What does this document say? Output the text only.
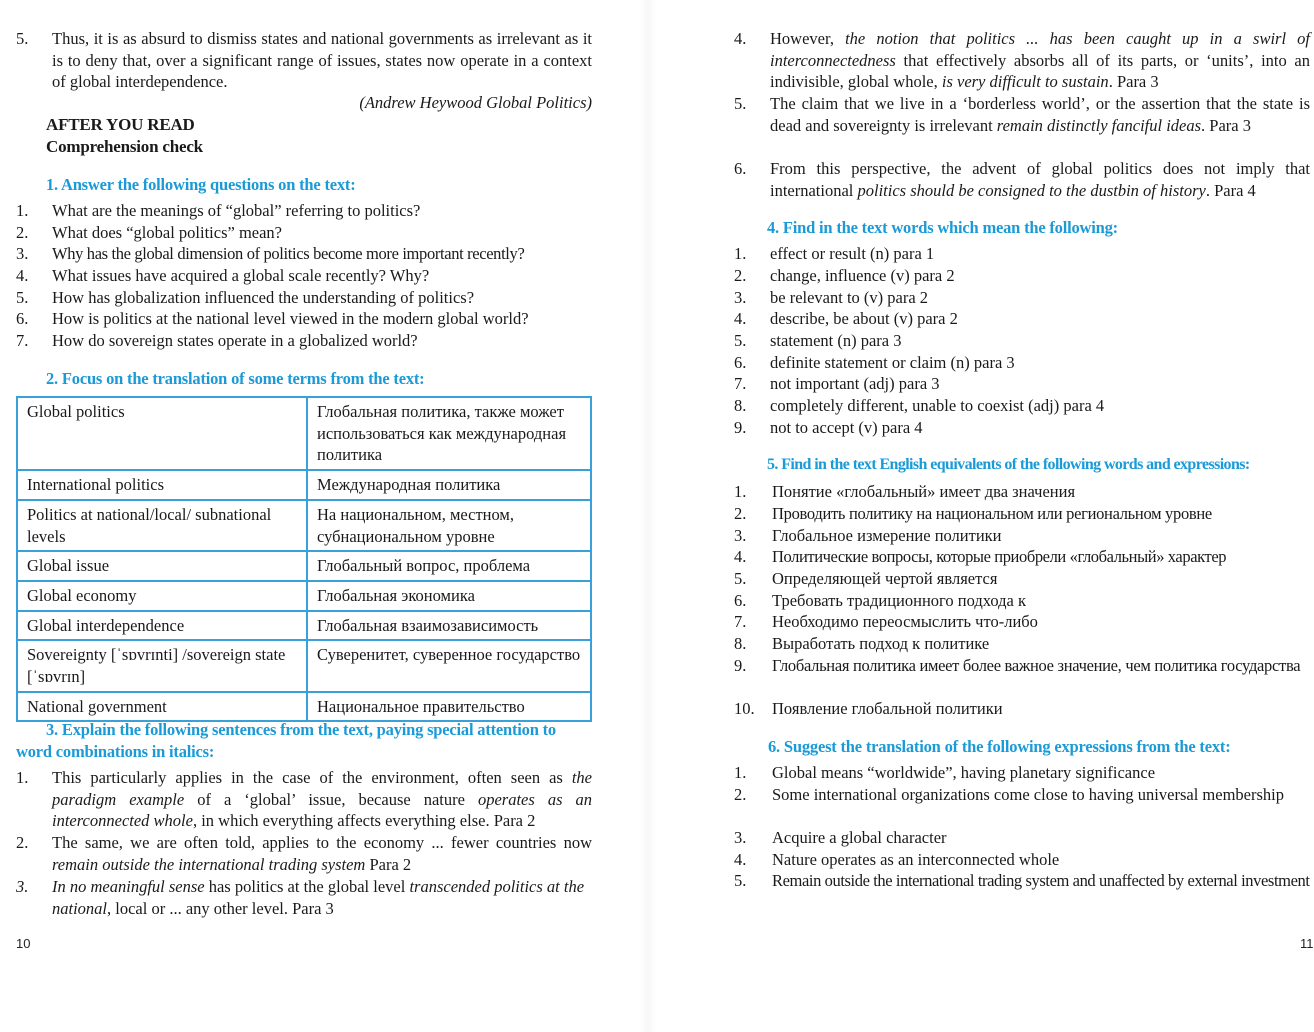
5.	Thus, it is as absurd to dismiss states and national governments as irrelevant as it is to deny that, over a significant range of issues, states now operate in a context of global interdependence.
(Andrew Heywood Global Politics)
AFTER YOU READ
Comprehension check
1. Answer the following questions on the text:
1.	What are the meanings of “global” referring to politics?
2.	What does “global politics” mean?
3.	Why has the global dimension of politics become more important recently?
4.	What issues have acquired a global scale recently? Why?
5.	How has globalization influenced the understanding of politics?
6.	How is politics at the national level viewed in the modern global world?
7.	How do sovereign states operate in a globalized world?
2. Focus on the translation of some terms from the text:
Global politics	Глобальная политика, также может использоваться как международная политика
International politics	Международная политика
Politics at national/local/ subnational levels	На национальном, местном, субнациональном уровне
Global issue	Глобальный вопрос, проблема
Global economy	Глобальная экономика
Global interdependence	Глобальная взаимозависимость
Sovereignty [ˈsɒvrɪnti] /sovereign state [ˈsɒvrɪn]	Суверенитет, суверенное государство
National government	Национальное правительство
3. Explain the following sentences from the text, paying special attention to word combinations in italics:
1.	This particularly applies in the case of the environment, often seen as the paradigm example of a ‘global’ issue, because nature operates as an interconnected whole, in which everything affects everything else. Para 2
2.	The same, we are often told, applies to the economy ... fewer countries now remain outside the international trading system Para 2
3.	In no meaningful sense has politics at the global level transcended politics at the national, local or ... any other level. Para 3
10
4.	However, the notion that politics ... has been caught up in a swirl of interconnectedness that effectively absorbs all of its parts, or ‘units’, into an indivisible, global whole, is very difficult to sustain. Para 3
5.	The claim that we live in a ‘borderless world’, or the assertion that the state is dead and sovereignty is irrelevant remain distinctly fanciful ideas. Para 3
6.	From this perspective, the advent of global politics does not imply that international politics should be consigned to the dustbin of history. Para 4
4. Find in the text words which mean the following:
1.	effect or result (n) para 1
2.	change, influence (v) para 2
3.	be relevant to (v) para 2
4.	describe, be about (v) para 2
5.	statement (n) para 3
6.	definite statement or claim (n) para 3
7.	not important (adj) para 3
8.	completely different, unable to coexist (adj) para 4
9.	not to accept (v) para 4
5. Find in the text English equivalents of the following words and expressions:
1.	Понятие «глобальный» имеет два значения
2.	Проводить политику на национальном или региональном уровне
3.	Глобальное измерение политики
4.	Политические вопросы, которые приобрели «глобальный» характер
5.	Определяющей чертой является
6.	Требовать традиционного подхода к
7.	Необходимо переосмыслить что-либо
8.	Выработать подход к политике
9.	Глобальная политика имеет более важное значение, чем политика государства
10.	Появление глобальной политики
6. Suggest the translation of the following expressions from the text:
1.	Global means “worldwide”, having planetary significance
2.	Some international organizations come close to having universal membership
3.	Acquire a global character
4.	Nature operates as an interconnected whole
5.	Remain outside the international trading system and unaffected by external investment
11
